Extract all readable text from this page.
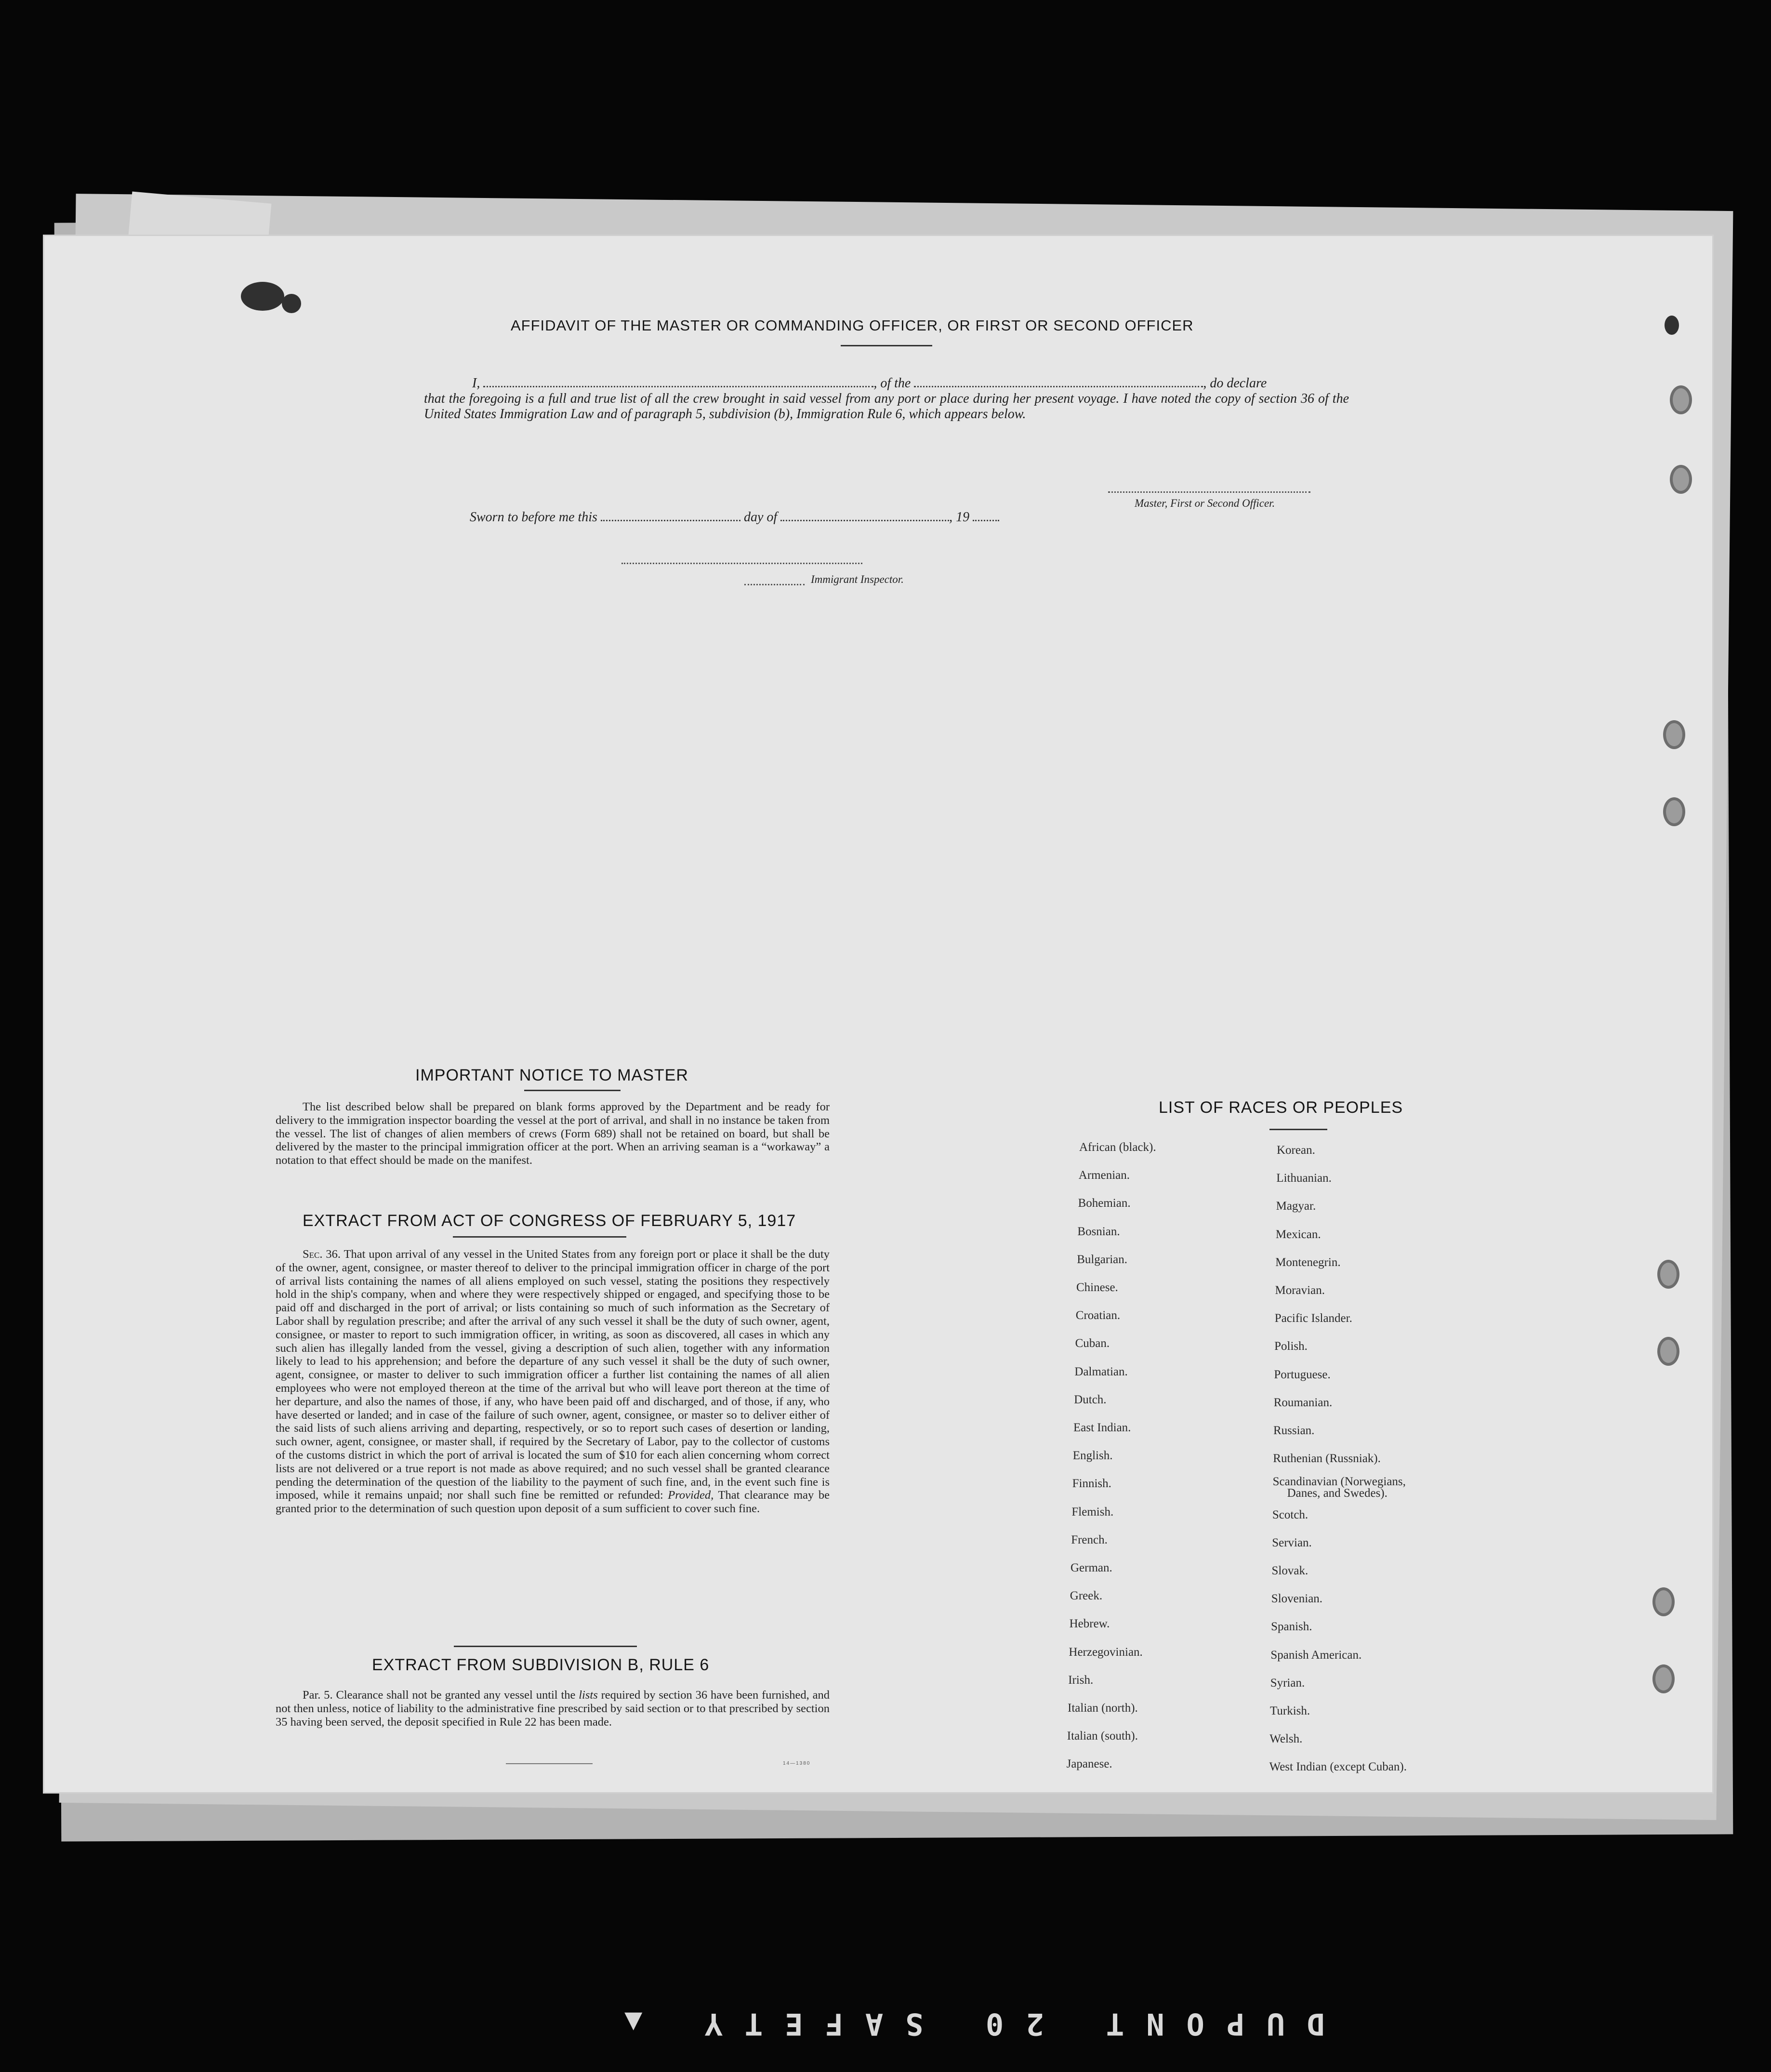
AFFIDAVIT OF THE MASTER OR COMMANDING OFFICER, OR FIRST OR SECOND OFFICER
I,	, of the	, do declare
that the foregoing is a full and true list of all the crew brought in said vessel from any port or place during her present voyage. I have noted the copy of section 36 of the United States Immigration Law and of paragraph 5, subdivision (b), Immigration Rule 6, which appears below.
Master, First or Second Officer.
Sworn to before me this	day of	, 19
Immigrant Inspector.
IMPORTANT NOTICE TO MASTER
The list described below shall be prepared on blank forms approved by the Department and be ready for delivery to the immigration inspector boarding the vessel at the port of arrival, and shall in no instance be taken from the vessel. The list of changes of alien members of crews (Form 689) shall not be retained on board, but shall be delivered by the master to the principal immigration officer at the port. When an arriving seaman is a “workaway” a notation to that effect should be made on the manifest.
EXTRACT FROM ACT OF CONGRESS OF FEBRUARY 5, 1917
Sec. 36. That upon arrival of any vessel in the United States from any foreign port or place it shall be the duty of the owner, agent, consignee, or master thereof to deliver to the principal immigration officer in charge of the port of arrival lists containing the names of all aliens employed on such vessel, stating the positions they respectively hold in the ship's company, when and where they were respectively shipped or engaged, and specifying those to be paid off and discharged in the port of arrival; or lists containing so much of such information as the Secretary of Labor shall by regulation prescribe; and after the arrival of any such vessel it shall be the duty of such owner, agent, consignee, or master to report to such immigration officer, in writing, as soon as discovered, all cases in which any such alien has illegally landed from the vessel, giving a description of such alien, together with any information likely to lead to his apprehension; and before the departure of any such vessel it shall be the duty of such owner, agent, consignee, or master to deliver to such immigration officer a further list containing the names of all alien employees who were not employed thereon at the time of the arrival but who will leave port thereon at the time of her departure, and also the names of those, if any, who have been paid off and discharged, and of those, if any, who have deserted or landed; and in case of the failure of such owner, agent, consignee, or master so to deliver either of the said lists of such aliens arriving and departing, respectively, or so to report such cases of desertion or landing, such owner, agent, consignee, or master shall, if required by the Secretary of Labor, pay to the collector of customs of the customs district in which the port of arrival is located the sum of $10 for each alien concerning whom correct lists are not delivered or a true report is not made as above required; and no such vessel shall be granted clearance pending the determination of the question of the liability to the payment of such fine, and, in the event such fine is imposed, while it remains unpaid; nor shall such fine be remitted or refunded: Provided, That clearance may be granted prior to the determination of such question upon deposit of a sum sufficient to cover such fine.
EXTRACT FROM SUBDIVISION B, RULE 6
Par. 5. Clearance shall not be granted any vessel until the lists required by section 36 have been furnished, and not then unless, notice of liability to the administrative fine prescribed by said section or to that prescribed by section 35 having been served, the deposit specified in Rule 22 has been made.
14—1380
LIST OF RACES OR PEOPLES
African (black).
Armenian.
Bohemian.
Bosnian.
Bulgarian.
Chinese.
Croatian.
Cuban.
Dalmatian.
Dutch.
East Indian.
English.
Finnish.
Flemish.
French.
German.
Greek.
Hebrew.
Herzegovinian.
Irish.
Italian (north).
Italian (south).
Japanese.
Korean.
Lithuanian.
Magyar.
Mexican.
Montenegrin.
Moravian.
Pacific Islander.
Polish.
Portuguese.
Roumanian.
Russian.
Ruthenian (Russniak).
Scandinavian (Norwegians,
Danes, and Swedes).
Scotch.
Servian.
Slovak.
Slovenian.
Spanish.
Spanish American.
Syrian.
Turkish.
Welsh.
West Indian (except Cuban).
DUPONT 20 SAFETY ▲
